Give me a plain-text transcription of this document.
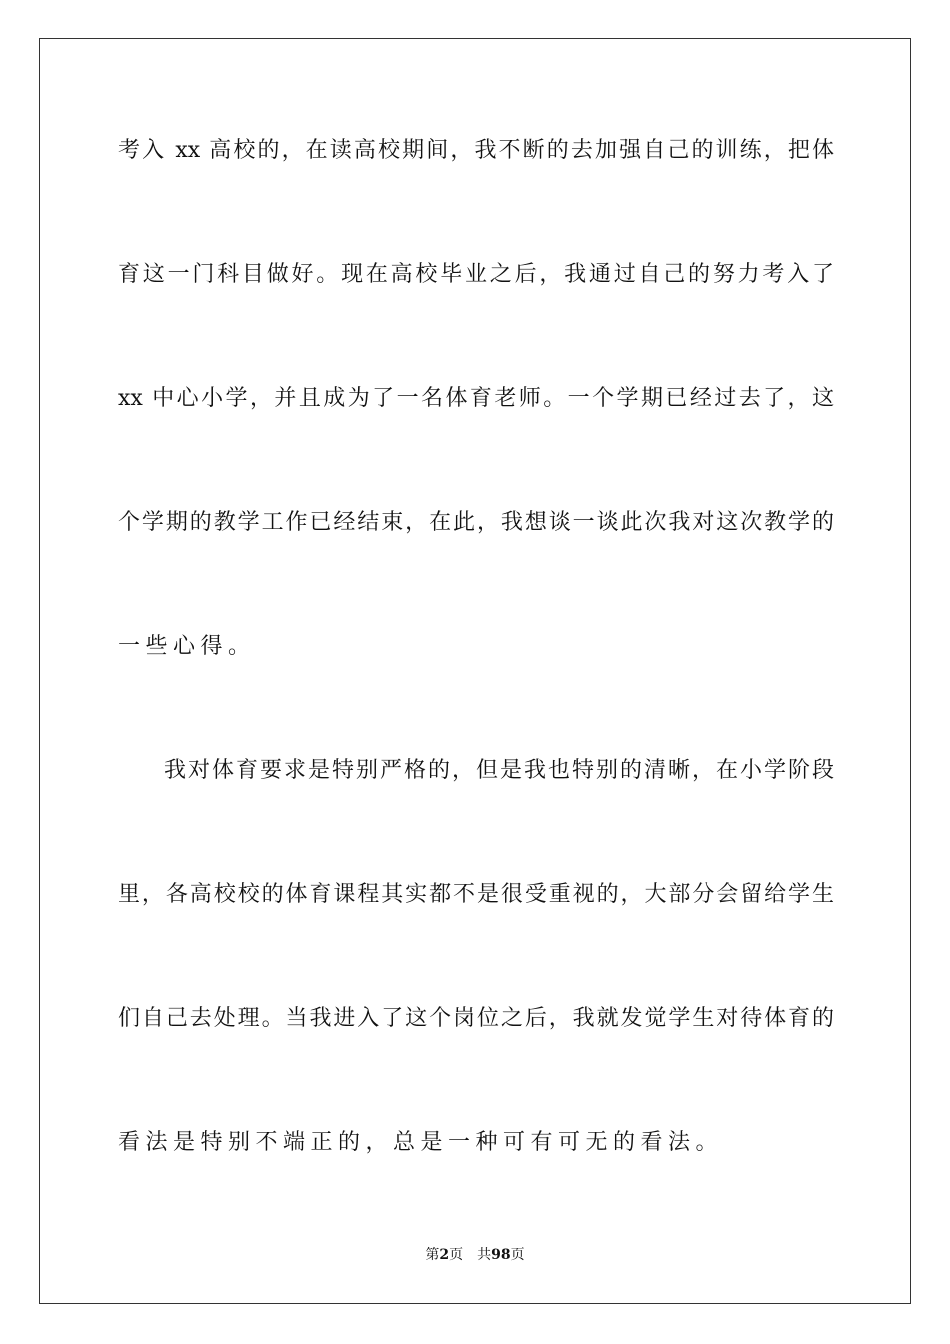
考入 xx 高校的，在读高校期间，我不断的去加强自己的训练，把体
育这一门科目做好。现在高校毕业之后，我通过自己的努力考入了
xx 中心小学，并且成为了一名体育老师。一个学期已经过去了，这
个学期的教学工作已经结束，在此，我想谈一谈此次我对这次教学的
一些心得。
我对体育要求是特别严格的，但是我也特别的清晰，在小学阶段
里，各高校校的体育课程其实都不是很受重视的，大部分会留给学生
们自己去处理。当我进入了这个岗位之后，我就发觉学生对待体育的
看法是特别不端正的，总是一种可有可无的看法。
第2页 共98页
